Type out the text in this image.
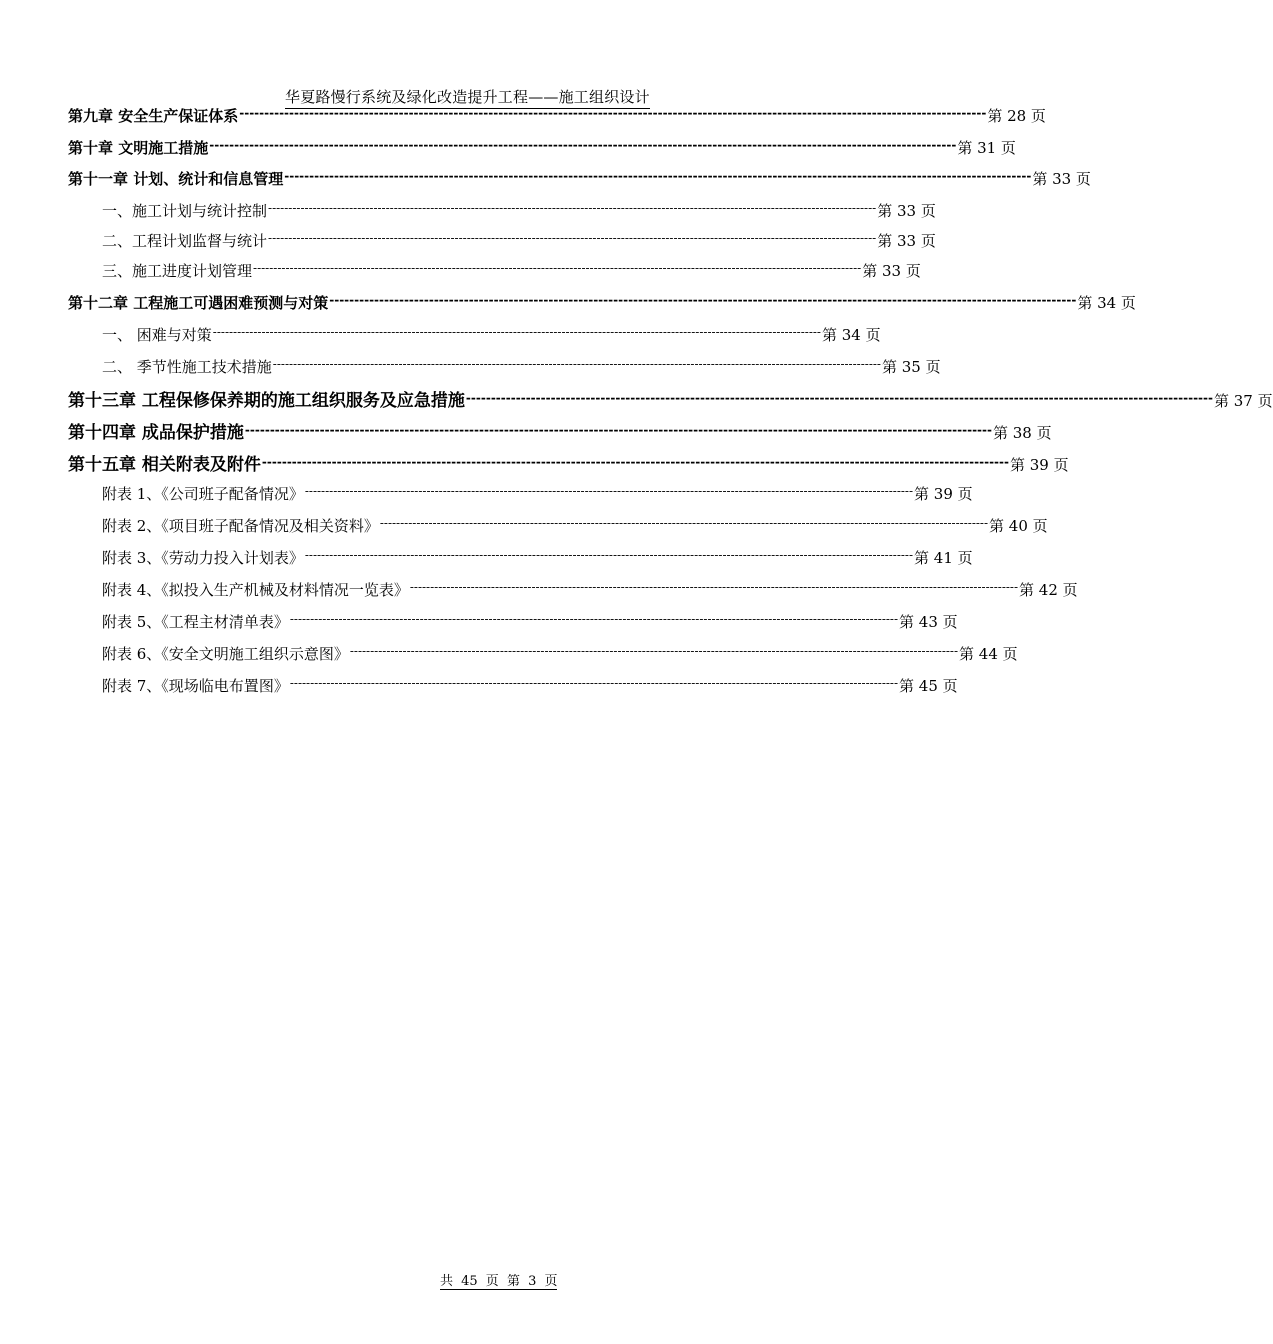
华夏路慢行系统及绿化改造提升工程——施工组织设计
第九章 安全生产保证体系 ------------------------------------------------------------------------------------------------------------------------------------------------------ 第 28 页
第十章 文明施工措施 ------------------------------------------------------------------------------------------------------------------------------------------------------ 第 31 页
第十一章 计划、统计和信息管理 ------------------------------------------------------------------------------------------------------------------------------------------------------ 第 33 页
一、施工计划与统计控制 ------------------------------------------------------------------------------------------------------------------------------------------------------ 第 33 页
二、工程计划监督与统计 ------------------------------------------------------------------------------------------------------------------------------------------------------ 第 33 页
三、施工进度计划管理 ------------------------------------------------------------------------------------------------------------------------------------------------------ 第 33 页
第十二章 工程施工可遇困难预测与对策 ------------------------------------------------------------------------------------------------------------------------------------------------------ 第 34 页
一、 困难与对策 ------------------------------------------------------------------------------------------------------------------------------------------------------ 第 34 页
二、 季节性施工技术措施 ------------------------------------------------------------------------------------------------------------------------------------------------------ 第 35 页
第十三章 工程保修保养期的施工组织服务及应急措施 ------------------------------------------------------------------------------------------------------------------------------------------------------ 第 37 页
第十四章 成品保护措施 ------------------------------------------------------------------------------------------------------------------------------------------------------ 第 38 页
第十五章 相关附表及附件 ------------------------------------------------------------------------------------------------------------------------------------------------------ 第 39 页
附表 1、《公司班子配备情况》 ------------------------------------------------------------------------------------------------------------------------------------------------------ 第 39 页
附表 2、《项目班子配备情况及相关资料》 ------------------------------------------------------------------------------------------------------------------------------------------------------ 第 40 页
附表 3、《劳动力投入计划表》 ------------------------------------------------------------------------------------------------------------------------------------------------------ 第 41 页
附表 4、《拟投入生产机械及材料情况一览表》 ------------------------------------------------------------------------------------------------------------------------------------------------------ 第 42 页
附表 5、《工程主材清单表》 ------------------------------------------------------------------------------------------------------------------------------------------------------ 第 43 页
附表 6、《安全文明施工组织示意图》 ------------------------------------------------------------------------------------------------------------------------------------------------------ 第 44 页
附表 7、《现场临电布置图》 ------------------------------------------------------------------------------------------------------------------------------------------------------ 第 45 页
共 45 页 第 3 页
